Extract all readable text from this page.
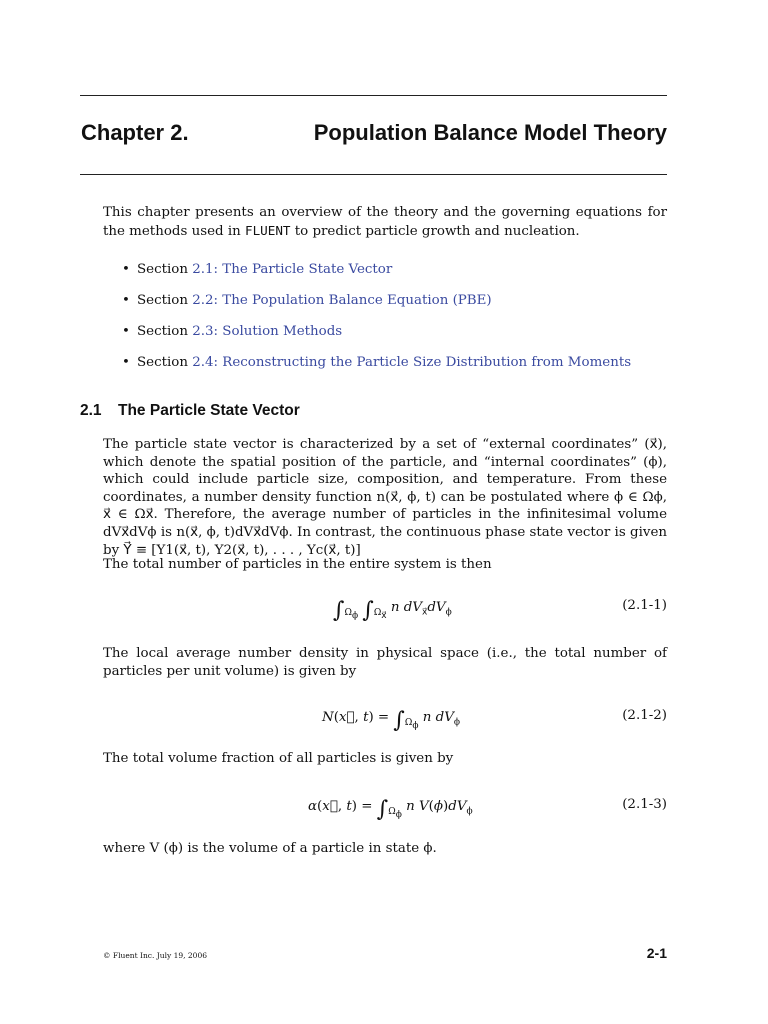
Chapter 2.	Population Balance Model Theory

This chapter presents an overview of the theory and the governing equations for the methods used in FLUENT to predict particle growth and nucleation.

• Section 2.1: The Particle State Vector
• Section 2.2: The Population Balance Equation (PBE)
• Section 2.3: Solution Methods
• Section 2.4: Reconstructing the Particle Size Distribution from Moments
2.1 The Particle State Vector

The particle state vector is characterized by a set of “external coordinates” (x⃗), which denote the spatial position of the particle, and “internal coordinates” (ϕ), which could include particle size, composition, and temperature. From these coordinates, a number density function n(x⃗, ϕ, t) can be postulated where ϕ ∈ Ωϕ, x⃗ ∈ Ωx⃗. Therefore, the average number of particles in the infinitesimal volume dVx⃗dVϕ is n(x⃗, ϕ, t)dVx⃗dVϕ. In contrast, the continuous phase state vector is given by Y⃗ ≡ [Y1(x⃗, t), Y2(x⃗, t), . . . , Yc(x⃗, t)]

The total number of particles in the entire system is then

$\int_{\Omega_\phi}$ $\int_{\Omega_{x⃗}}$ n $dV_{x⃗}dV_\phi$	(2.1-1)

The local average number density in physical space (i.e., the total number of particles per unit volume) is given by

N(x⃗, $t) = \int_{\Omega_\phi}$ n $dV_\phi$	(2.1-2)

The total volume fraction of all particles is given by

α(x⃗, $t) = \int_{\Omega_\phi}$ n $V(\phi)dV_\phi$	(2.1-3)

where V (ϕ) is the volume of a particle in state ϕ.

© Fluent Inc. July 19, 2006	2-1
